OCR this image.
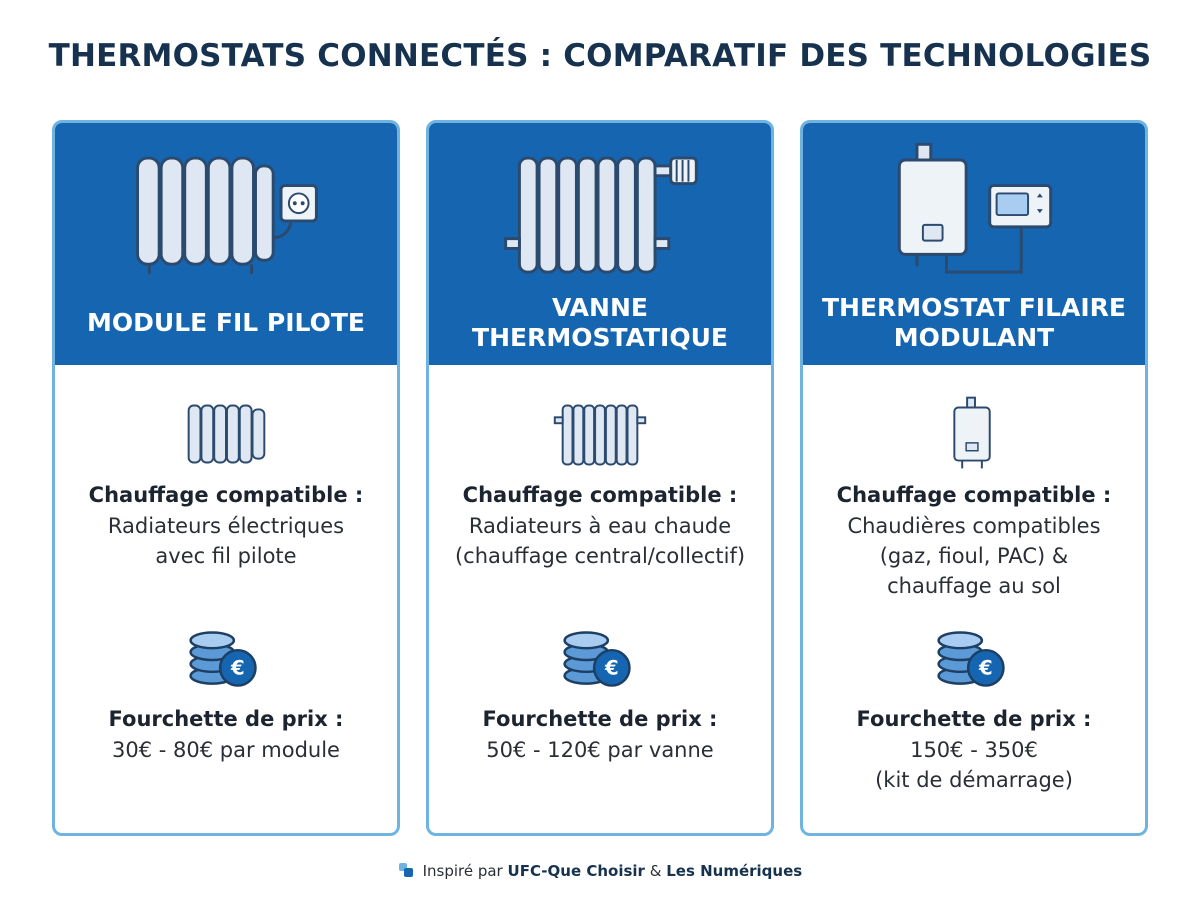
THERMOSTATS CONNECTÉS : COMPARATIF DES TECHNOLOGIES
MODULE FIL PILOTE
Chauffage compatible :
Radiateurs électriques
avec fil pilote
€
Fourchette de prix :
30€ - 80€ par module
VANNE THERMOSTATIQUE
Chauffage compatible :
Radiateurs à eau chaude
(chauffage central/collectif)
€
Fourchette de prix :
50€ - 120€ par vanne
THERMOSTAT FILAIRE MODULANT
Chauffage compatible :
Chaudières compatibles
(gaz, fioul, PAC) &
chauffage au sol
€
Fourchette de prix :
150€ - 350€
(kit de démarrage)
Inspiré par UFC-Que Choisir & Les Numériques
